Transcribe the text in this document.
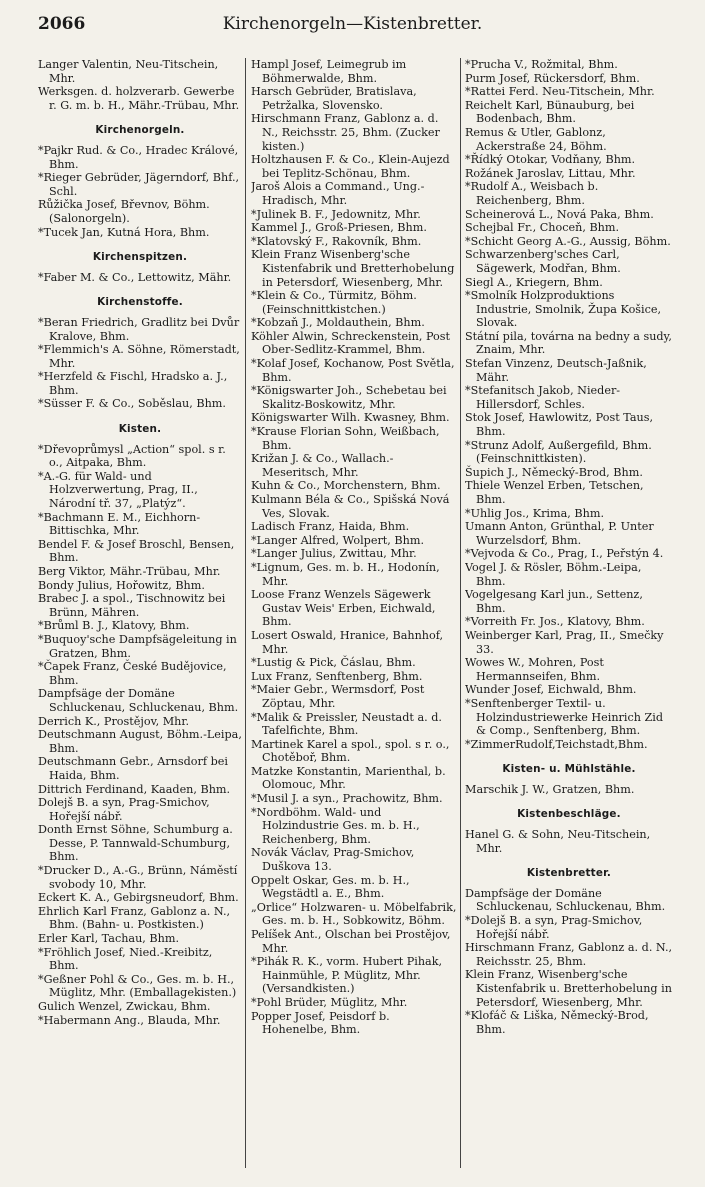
2066	Kirchenorgeln—Kistenbretter.

Langer Valentin, Neu-Titschein, Mhr.

Werksgen. d. holzverarb. Gewerbe r. G. m. b. H., Mähr.-Trübau, Mhr.

Kirchenorgeln.

*Pajkr Rud. & Co., Hradec Králové, Bhm.

*Rieger Gebrüder, Jägerndorf, Bhf., Schl.

Růžička Josef, Břevnov, Böhm. (Salonorgeln).

*Tucek Jan, Kutná Hora, Bhm.

Kirchenspitzen.

*Faber M. & Co., Lettowitz, Mähr.

Kirchenstoffe.

*Beran Friedrich, Gradlitz bei Dvůr Kralove, Bhm.

*Flemmich's A. Söhne, Römerstadt, Mhr.

*Herzfeld & Fischl, Hradsko a. J., Bhm.

*Süsser F. & Co., Soběslau, Bhm.

Kisten.

*Dřevoprůmysl „Action“ spol. s r. o., Aitpaka, Bhm.

*A.-G. für Wald- und Holzverwertung, Prag, II., Národní tř. 37, „Platýz“.

*Bachmann E. M., Eichhorn-Bittischka, Mhr.

Bendel F. & Josef Broschl, Bensen, Bhm.

Berg Viktor, Mähr.-Trübau, Mhr.

Bondy Julius, Hořowitz, Bhm.

Brabec J. a spol., Tischnowitz bei Brünn, Mähren.

*Brůml B. J., Klatovy, Bhm.

*Buquoy'sche Dampfsägeleitung in Gratzen, Bhm.

*Čapek Franz, České Budějovice, Bhm.

Dampfsäge der Domäne Schluckenau, Schluckenau, Bhm.

Derrich K., Prostějov, Mhr.

Deutschmann August, Böhm.-Leipa, Bhm.

Deutschmann Gebr., Arnsdorf bei Haida, Bhm.

Dittrich Ferdinand, Kaaden, Bhm.

Dolejš B. a syn, Prag-Smichov, Hořejší nábř.

Donth Ernst Söhne, Schumburg a. Desse, P. Tannwald-Schumburg, Bhm.

*Drucker D., A.-G., Brünn, Náměstí svobody 10, Mhr.

Eckert K. A., Gebirgsneudorf, Bhm.

Ehrlich Karl Franz, Gablonz a. N., Bhm. (Bahn- u. Postkisten.)

Erler Karl, Tachau, Bhm.

*Fröhlich Josef, Nied.-Kreibitz, Bhm.

*Geßner Pohl & Co., Ges. m. b. H., Müglitz, Mhr. (Emballagekisten.)

Gulich Wenzel, Zwickau, Bhm.

*Habermann Ang., Blauda, Mhr.

Hampl Josef, Leimegrub im Böhmerwalde, Bhm.

Harsch Gebrüder, Bratislava, Petržalka, Slovensko.

Hirschmann Franz, Gablonz a. d. N., Reichsstr. 25, Bhm. (Zucker kisten.)

Holtzhausen F. & Co., Klein-Aujezd bei Teplitz-Schönau, Bhm.

Jaroš Alois a Command., Ung.-Hradisch, Mhr.

*Julinek B. F., Jedownitz, Mhr.

Kammel J., Groß-Priesen, Bhm.

*Klatovský F., Rakovník, Bhm.

Klein Franz Wisenberg'sche Kistenfabrik und Bretterhobelung in Petersdorf, Wiesenberg, Mhr.

*Klein & Co., Türmitz, Böhm. (Feinschnittkistchen.)

*Kobzaň J., Moldauthein, Bhm.

Köhler Alwin, Schreckenstein, Post Ober-Sedlitz-Krammel, Bhm.

*Kolaf Josef, Kochanow, Post Světla, Bhm.

*Königswarter Joh., Schebetau bei Skalitz-Boskowitz, Mhr.

Königswarter Wilh. Kwasney, Bhm.

*Krause Florian Sohn, Weißbach, Bhm.

Križan J. & Co., Wallach.-Meseritsch, Mhr.

Kuhn & Co., Morchenstern, Bhm.

Kulmann Béla & Co., Spišská Nová Ves, Slovak.

Ladisch Franz, Haida, Bhm.

*Langer Alfred, Wolpert, Bhm.

*Langer Julius, Zwittau, Mhr.

*Lignum, Ges. m. b. H., Hodonín, Mhr.

Loose Franz Wenzels Sägewerk Gustav Weis' Erben, Eichwald, Bhm.

Losert Oswald, Hranice, Bahnhof, Mhr.

*Lustig & Pick, Čáslau, Bhm.

Lux Franz, Senftenberg, Bhm.

*Maier Gebr., Wermsdorf, Post Zöptau, Mhr.

*Malik & Preissler, Neustadt a. d. Tafelfichte, Bhm.

Martinek Karel a spol., spol. s r. o., Chotěboř, Bhm.

Matzke Konstantin, Marienthal, b. Olomouc, Mhr.

*Musil J. a syn., Prachowitz, Bhm.

*Nordböhm. Wald- und Holzindustrie Ges. m. b. H., Reichenberg, Bhm.

Novák Václav, Prag-Smichov, Duškova 13.

Oppelt Oskar, Ges. m. b. H., Wegstädtl a. E., Bhm.

„Orlice“ Holzwaren- u. Möbelfabrik, Ges. m. b. H., Sobkowitz, Böhm.

Pelíšek Ant., Olschan bei Prostějov, Mhr.

*Pihák R. K., vorm. Hubert Pihak, Hainmühle, P. Müglitz, Mhr. (Versandkisten.)

*Pohl Brüder, Müglitz, Mhr.

Popper Josef, Peisdorf b. Hohenelbe, Bhm.

*Prucha V., Rožmital, Bhm.

Purm Josef, Rückersdorf, Bhm.

*Rattei Ferd. Neu-Titschein, Mhr.

Reichelt Karl, Bünauburg, bei Bodenbach, Bhm.

Remus & Utler, Gablonz, Ackerstraße 24, Böhm.

*Řídký Otokar, Vodňany, Bhm.

Rožánek Jaroslav, Littau, Mhr.

*Rudolf A., Weisbach b. Reichenberg, Bhm.

Scheinerová L., Nová Paka, Bhm.

Schejbal Fr., Choceň, Bhm.

*Schicht Georg A.-G., Aussig, Böhm.

Schwarzenberg'sches Carl, Sägewerk, Modřan, Bhm.

Siegl A., Kriegern, Bhm.

*Smolník Holzproduktions Industrie, Smolnik, Župa Košice, Slovak.

Státní pila, továrna na bedny a sudy, Znaim, Mhr.

Stefan Vinzenz, Deutsch-Jaßnik, Mähr.

*Stefanitsch Jakob, Nieder-Hillersdorf, Schles.

Stok Josef, Hawlowitz, Post Taus, Bhm.

*Strunz Adolf, Außergefild, Bhm. (Feinschnittkisten).

Šupich J., Německý-Brod, Bhm.

Thiele Wenzel Erben, Tetschen, Bhm.

*Uhlig Jos., Krima, Bhm.

Umann Anton, Grünthal, P. Unter Wurzelsdorf, Bhm.

*Vejvoda & Co., Prag, I., Peřstýn 4.

Vogel J. & Rösler, Böhm.-Leipa, Bhm.

Vogelgesang Karl jun., Settenz, Bhm.

*Vorreith Fr. Jos., Klatovy, Bhm.

Weinberger Karl, Prag, II., Smečky 33.

Wowes W., Mohren, Post Hermannseifen, Bhm.

Wunder Josef, Eichwald, Bhm.

*Senftenberger Textil- u. Holzindustriewerke Heinrich Zid & Comp., Senftenberg, Bhm.

*ZimmerRudolf,Teichstadt,Bhm.

Kisten- u. Mühlstähle.

Marschik J. W., Gratzen, Bhm.

Kistenbeschläge.

Hanel G. & Sohn, Neu-Titschein, Mhr.

Kistenbretter.

Dampfsäge der Domäne Schluckenau, Schluckenau, Bhm.

*Dolejš B. a syn, Prag-Smichov, Hořejší nábř.

Hirschmann Franz, Gablonz a. d. N., Reichsstr. 25, Bhm.

Klein Franz, Wisenberg'sche Kistenfabrik u. Bretterhobelung in Petersdorf, Wiesenberg, Mhr.

*Klofáč & Liška, Německý-Brod, Bhm.
